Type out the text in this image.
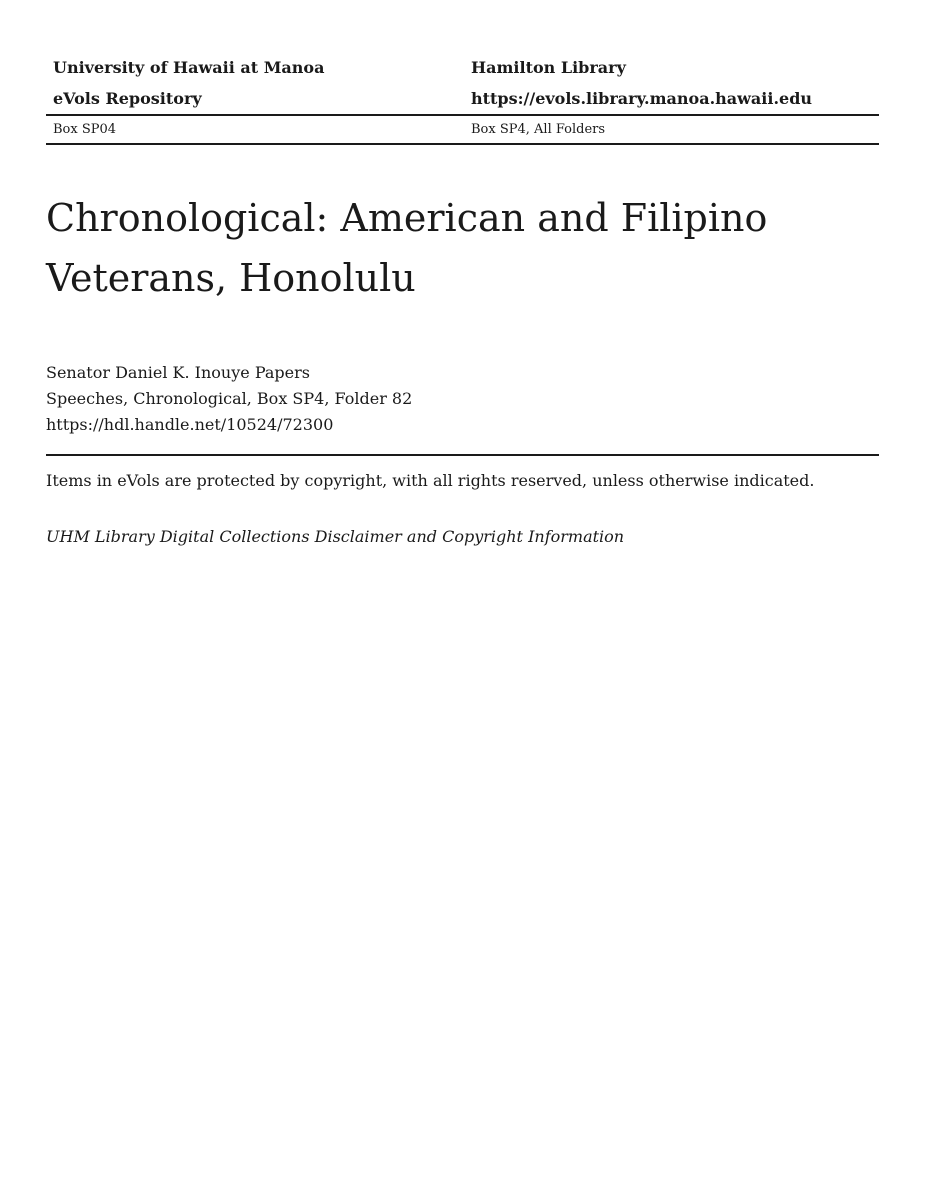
University of Hawaii at Manoa	Hamilton Library
eVols Repository	https://evols.library.manoa.hawaii.edu
Box SP04	Box SP4, All Folders
Chronological: American and Filipino Veterans, Honolulu
Senator Daniel K. Inouye Papers
Speeches, Chronological, Box SP4, Folder 82
https://hdl.handle.net/10524/72300
Items in eVols are protected by copyright, with all rights reserved, unless otherwise indicated.
UHM Library Digital Collections Disclaimer and Copyright Information
